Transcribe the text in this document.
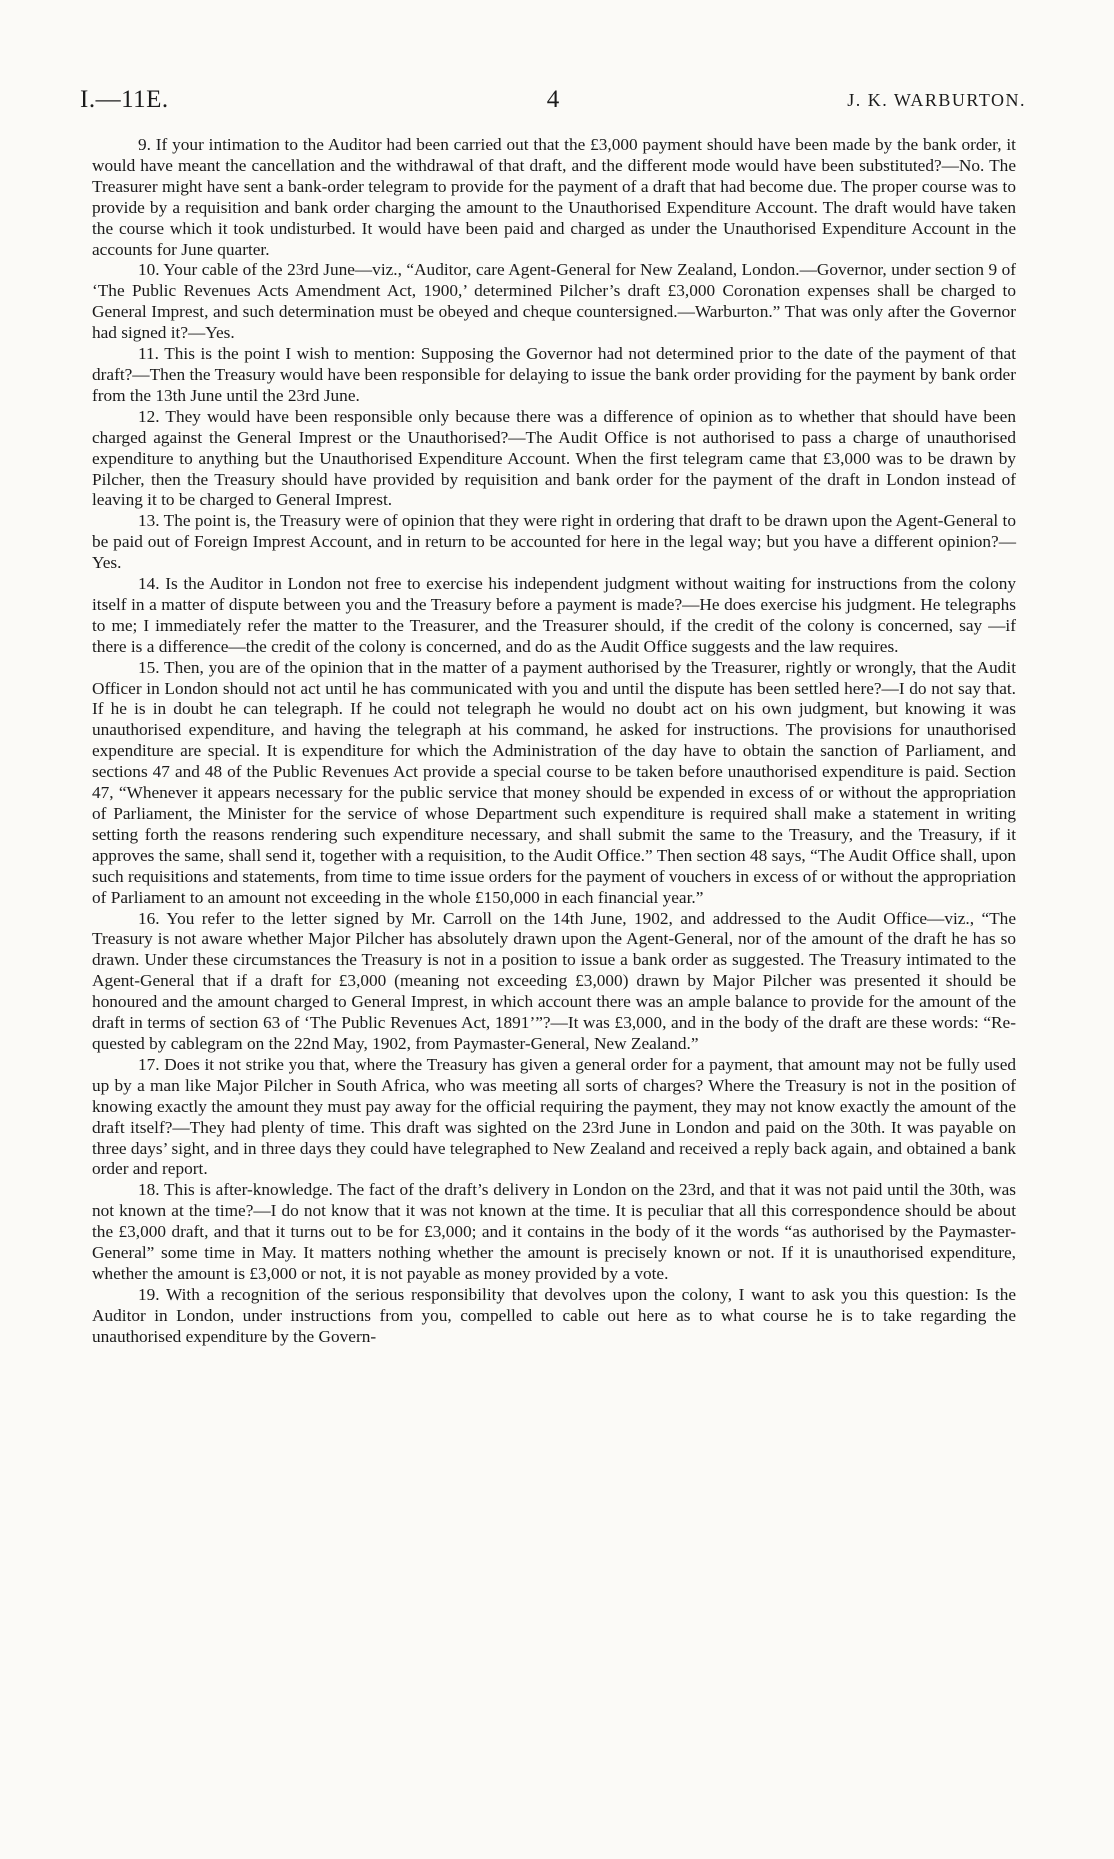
4
I.—11E.	J. K. WARBURTON.

9. If your intimation to the Auditor had been carried out that the £3,000 payment should have been made by the bank order, it would have meant the cancellation and the withdrawal of that draft, and the different mode would have been substituted?—No. The Treasurer might have sent a bank-order telegram to provide for the payment of a draft that had become due. The proper course was to provide by a requisition and bank order charging the amount to the Unauthorised Expenditure Account. The draft would have taken the course which it took undisturbed. It would have been paid and charged as under the Unauthorised Expenditure Account in the accounts for June quarter.

10. Your cable of the 23rd June—viz., “Auditor, care Agent-General for New Zealand, London.—Governor, under section 9 of ‘The Public Revenues Acts Amendment Act, 1900,’ determined Pilcher’s draft £3,000 Coronation expenses shall be charged to General Imprest, and such determination must be obeyed and cheque countersigned.—Warburton.” That was only after the Governor had signed it?—Yes.

11. This is the point I wish to mention: Supposing the Governor had not determined prior to the date of the payment of that draft?—Then the Treasury would have been responsible for delaying to issue the bank order providing for the payment by bank order from the 13th June until the 23rd June.

12. They would have been responsible only because there was a difference of opinion as to whether that should have been charged against the General Imprest or the Unauthorised?—The Audit Office is not authorised to pass a charge of unauthorised expenditure to anything but the Unauthorised Expenditure Account. When the first telegram came that £3,000 was to be drawn by Pilcher, then the Treasury should have provided by requisition and bank order for the payment of the draft in London instead of leaving it to be charged to General Imprest.

13. The point is, the Treasury were of opinion that they were right in ordering that draft to be drawn upon the Agent-General to be paid out of Foreign Imprest Account, and in return to be accounted for here in the legal way; but you have a different opinion?—Yes.

14. Is the Auditor in London not free to exercise his independent judgment without waiting for instructions from the colony itself in a matter of dispute between you and the Treasury before a payment is made?—He does exercise his judgment. He telegraphs to me; I immediately refer the matter to the Treasurer, and the Treasurer should, if the credit of the colony is concerned, say —if there is a difference—the credit of the colony is concerned, and do as the Audit Office suggests and the law requires.

15. Then, you are of the opinion that in the matter of a payment authorised by the Treasurer, rightly or wrongly, that the Audit Officer in London should not act until he has communicated with you and until the dispute has been settled here?—I do not say that. If he is in doubt he can telegraph. If he could not telegraph he would no doubt act on his own judgment, but knowing it was unauthorised expenditure, and having the telegraph at his command, he asked for instructions. The provisions for unauthorised expenditure are special. It is expenditure for which the Administration of the day have to obtain the sanction of Parliament, and sections 47 and 48 of the Public Revenues Act provide a special course to be taken before unauthorised expenditure is paid. Section 47, “Whenever it appears necessary for the public service that money should be expended in excess of or without the appropriation of Parliament, the Minister for the service of whose Department such expenditure is required shall make a statement in writing setting forth the reasons rendering such expenditure necessary, and shall submit the same to the Treasury, and the Treasury, if it approves the same, shall send it, together with a requisition, to the Audit Office.” Then section 48 says, “The Audit Office shall, upon such requisitions and statements, from time to time issue orders for the payment of vouchers in excess of or without the appropriation of Parliament to an amount not exceeding in the whole £150,000 in each financial year.”

16. You refer to the letter signed by Mr. Carroll on the 14th June, 1902, and addressed to the Audit Office—viz., “The Treasury is not aware whether Major Pilcher has absolutely drawn upon the Agent-General, nor of the amount of the draft he has so drawn. Under these circumstances the Treasury is not in a position to issue a bank order as suggested. The Treasury intimated to the Agent-General that if a draft for £3,000 (meaning not exceeding £3,000) drawn by Major Pilcher was presented it should be honoured and the amount charged to General Imprest, in which account there was an ample balance to provide for the amount of the draft in terms of section 63 of ‘The Public Revenues Act, 1891’”?—It was £3,000, and in the body of the draft are these words: “Requested by cablegram on the 22nd May, 1902, from Paymaster-General, New Zealand.”

17. Does it not strike you that, where the Treasury has given a general order for a payment, that amount may not be fully used up by a man like Major Pilcher in South Africa, who was meeting all sorts of charges? Where the Treasury is not in the position of knowing exactly the amount they must pay away for the official requiring the payment, they may not know exactly the amount of the draft itself?—They had plenty of time. This draft was sighted on the 23rd June in London and paid on the 30th. It was payable on three days’ sight, and in three days they could have telegraphed to New Zealand and received a reply back again, and obtained a bank order and report.

18. This is after-knowledge. The fact of the draft’s delivery in London on the 23rd, and that it was not paid until the 30th, was not known at the time?—I do not know that it was not known at the time. It is peculiar that all this correspondence should be about the £3,000 draft, and that it turns out to be for £3,000; and it contains in the body of it the words “as authorised by the Paymaster-General” some time in May. It matters nothing whether the amount is precisely known or not. If it is unauthorised expenditure, whether the amount is £3,000 or not, it is not payable as money provided by a vote.

19. With a recognition of the serious responsibility that devolves upon the colony, I want to ask you this question: Is the Auditor in London, under instructions from you, compelled to cable out here as to what course he is to take regarding the unauthorised expenditure by the Govern-
